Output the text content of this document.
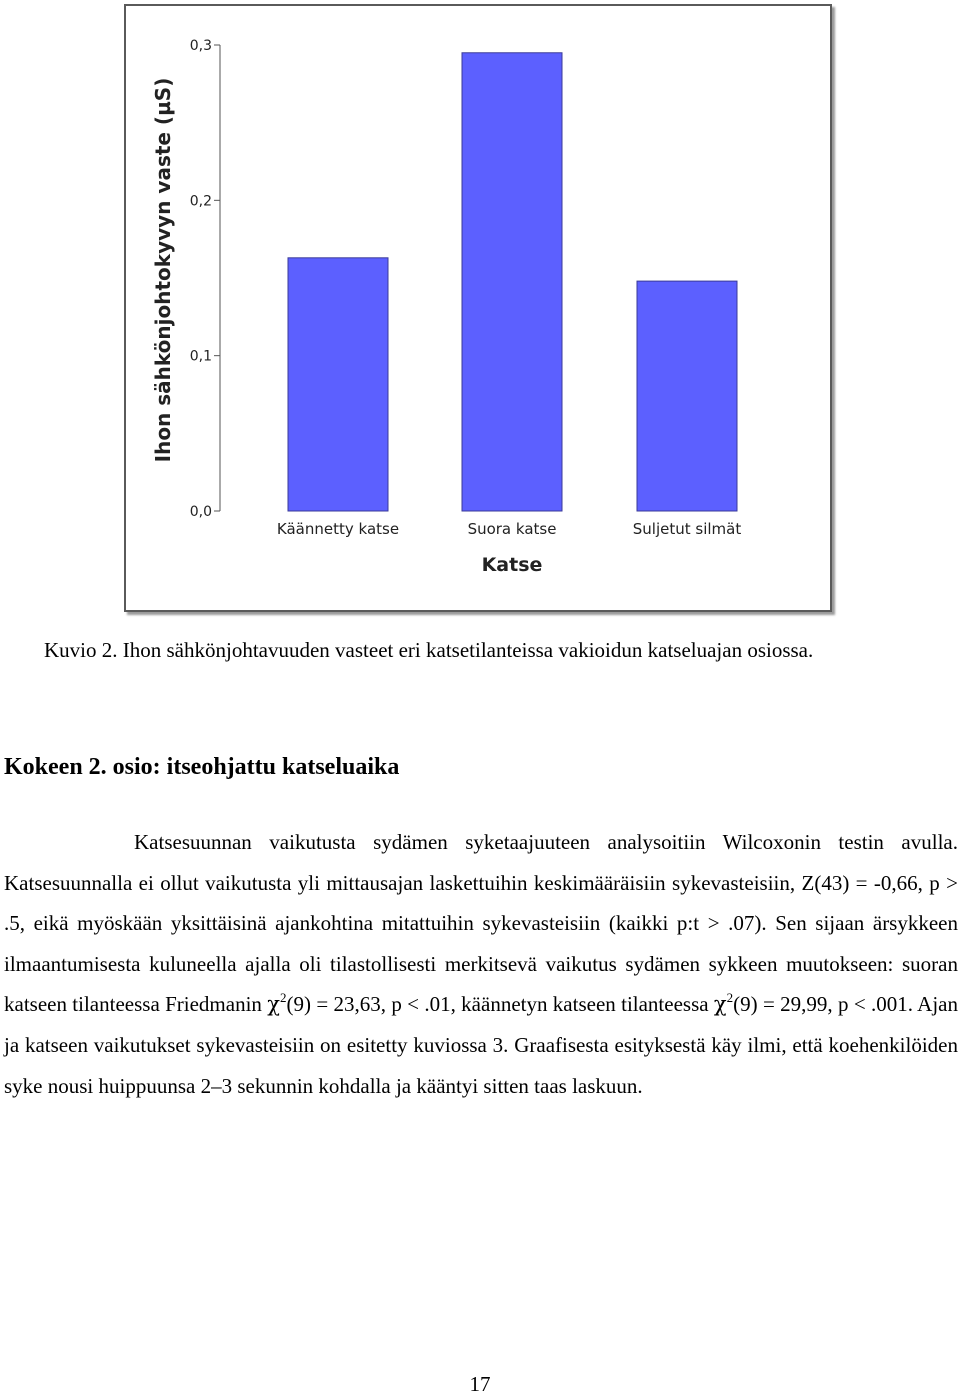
0,0
0,1
0,2
0,3
Käännetty katse	Suora katse	Suljetut silmät
Katse
Ihon sähkönjohtokyvyn vaste (µS)
Kuvio 2. Ihon sähkönjohtavuuden vasteet eri katsetilanteissa vakioidun katseluajan osiossa.
Kokeen 2. osio: itseohjattu katseluaika
Katsesuunnan vaikutusta sydämen syketaajuuteen analysoitiin Wilcoxonin testin avulla. Katsesuunnalla ei ollut vaikutusta yli mittausajan laskettuihin keskimääräisiin sykevasteisiin, Z(43) = -0,66, p > .5, eikä myöskään yksittäisinä ajankohtina mitattuihin sykevasteisiin (kaikki p:t > .07). Sen sijaan ärsykkeen ilmaantumisesta kuluneella ajalla oli tilastollisesti merkitsevä vaikutus sydämen sykkeen muutokseen: suoran katseen tilanteessa Friedmanin $\chi^2(9) = 23,63$, p < .01, käännetyn katseen tilanteessa $\chi^2(9) = 29,99$, p < .001. Ajan ja katseen vaikutukset sykevasteisiin on esitetty kuviossa 3. Graafisesta esityksestä käy ilmi, että koehenkilöiden syke nousi huippuunsa 2–3 sekunnin kohdalla ja kääntyi sitten taas laskuun.
17
